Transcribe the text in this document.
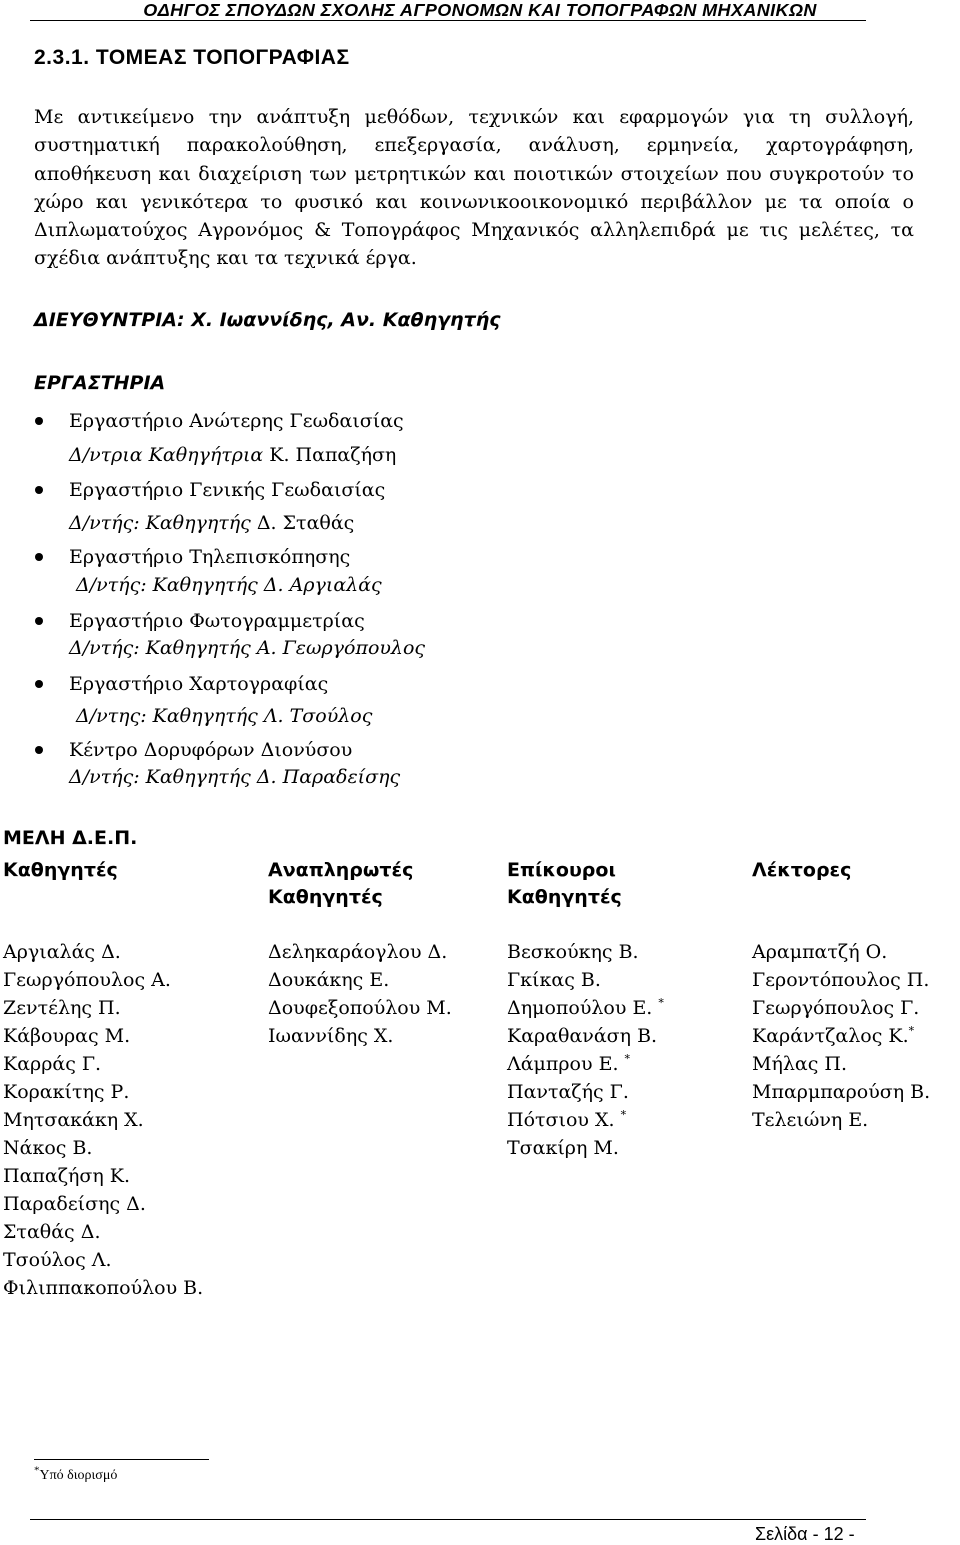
ΟΔΗΓΟΣ ΣΠΟΥΔΩΝ ΣΧΟΛΗΣ ΑΓΡΟΝΟΜΩΝ ΚΑΙ ΤΟΠΟΓΡΑΦΩΝ ΜΗΧΑΝΙΚΩΝ
2.3.1. ΤΟΜΕΑΣ ΤΟΠΟΓΡΑΦΙΑΣ
Με αντικείμενο την ανάπτυξη μεθόδων, τεχνικών και εφαρμογών για τη συλλογή, συστηματική παρακολούθηση, επεξεργασία, ανάλυση, ερμηνεία, χαρτογράφηση, αποθήκευση και διαχείριση των μετρητικών και ποιοτικών στοιχείων που συγκροτούν το χώρο και γενικότερα το φυσικό και κοινωνικοοικονομικό περιβάλλον με τα οποία ο Διπλωματούχος Αγρονόμος & Τοπογράφος Μηχανικός αλληλεπιδρά με τις μελέτες, τα σχέδια ανάπτυξης και τα τεχνικά έργα.
ΔΙΕΥΘΥΝΤΡΙΑ: Χ. Ιωαννίδης, Αν. Καθηγητής
ΕΡΓΑΣΤΗΡΙΑ
Εργαστήριο Ανώτερης Γεωδαισίας
Δ/ντρια Καθηγήτρια Κ. Παπαζήση
Εργαστήριο Γενικής Γεωδαισίας
Δ/ντής: Καθηγητής Δ. Σταθάς
Εργαστήριο Τηλεπισκόπησης
Δ/ντής: Καθηγητής Δ. Αργιαλάς
Εργαστήριο Φωτογραμμετρίας
Δ/ντής: Καθηγητής Α. Γεωργόπουλος
Εργαστήριο Χαρτογραφίας
Δ/ντης: Καθηγητής Λ. Τσούλος
Κέντρο Δορυφόρων Διονύσου
Δ/ντής: Καθηγητής Δ. Παραδείσης
ΜΕΛΗ Δ.Ε.Π.
Καθηγητές	Αναπληρωτές
Καθηγητές
Επίκουροι
Καθηγητές
Λέκτορες
Αργιαλάς Δ.
Γεωργόπουλος Α.
Ζεντέλης Π.
Κάβουρας Μ.
Καρράς Γ.
Κορακίτης Ρ.
Μητσακάκη Χ.
Νάκος Β.
Παπαζήση Κ.
Παραδείσης Δ.
Σταθάς Δ.
Τσούλος Λ.
Φιλιππακοπούλου Β.
Δεληκαράογλου Δ.
Δουκάκης Ε.
Δουφεξοπούλου Μ.
Ιωαννίδης Χ.
Βεσκούκης Β.
Γκίκας Β.
Δημοπούλου Ε. *
Καραθανάση Β.
Λάμπρου Ε. *
Πανταζής Γ.
Πότσιου Χ. *
Τσακίρη Μ.
Αραμπατζή Ο.
Γεροντόπουλος Π.
Γεωργόπουλος Γ.
Καράντζαλος Κ.*
Μήλας Π.
Μπαρμπαρούση Β.
Τελειώνη Ε.
*Υπό διορισμό
Σελίδα - 12 -
